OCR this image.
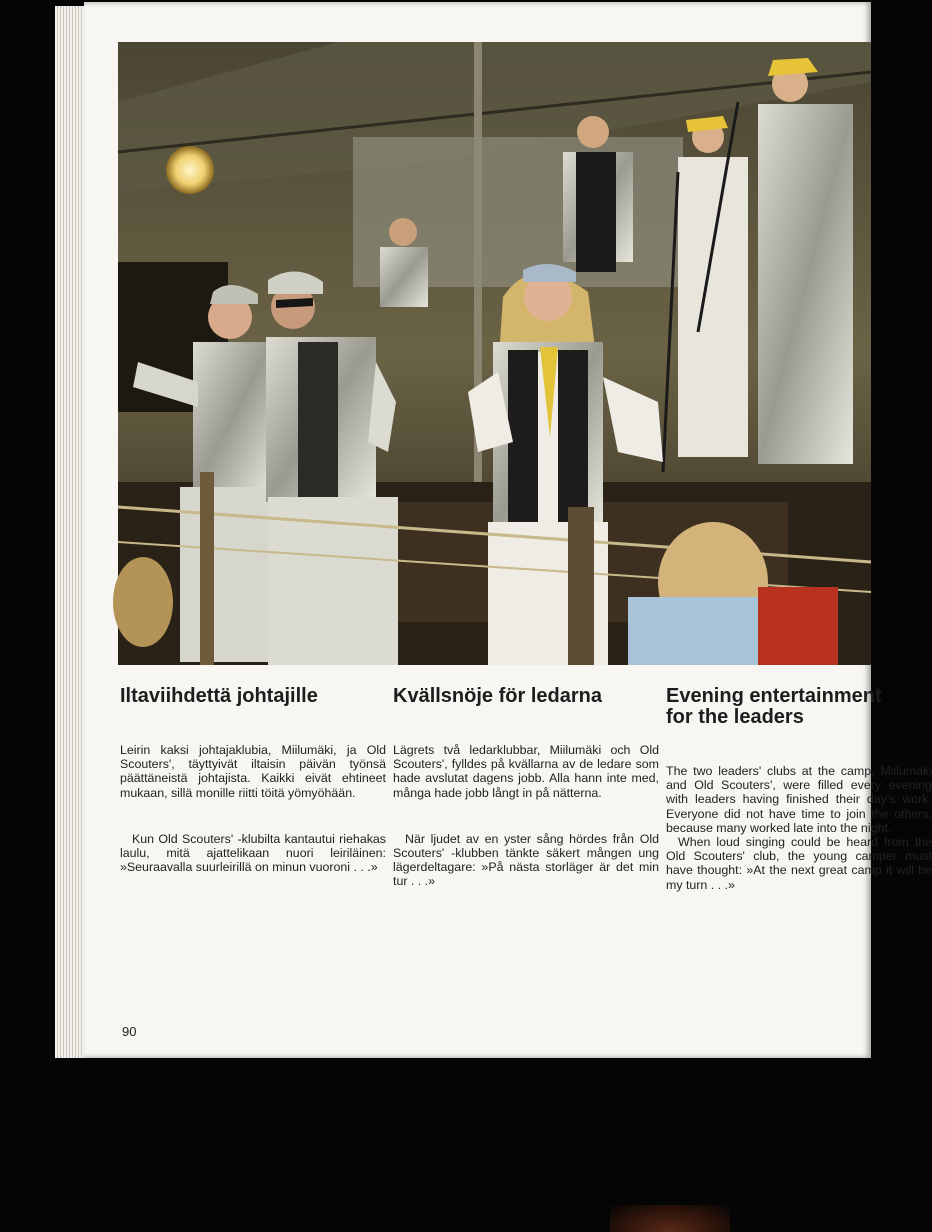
Iltaviihdettä johtajille

Leirin kaksi johtajaklubia, Miilumäki, ja Old Scouters', täyttyivät iltaisin päivän työnsä päättäneistä johtajista. Kaikki eivät ehtineet mukaan, sillä monille riitti töitä yömyöhään.

Kun Old Scouters' -klubilta kantautui riehakas laulu, mitä ajattelikaan nuori leiriläinen: »Seuraavalla suurleirillä on minun vuoroni . . .»

Kvällsnöje för ledarna

Lägrets två ledarklubbar, Miilumäki och Old Scouters', fylldes på kvällarna av de ledare som hade avslutat dagens jobb. Alla hann inte med, många hade jobb långt in på nätterna.

När ljudet av en yster sång hördes från Old Scouters' -klubben tänkte säkert mången ung lägerdeltagare: »På nästa storläger är det min tur . . .»

Evening entertainment for the leaders

The two leaders' clubs at the camp, Miilumäki and Old Scouters', were filled every evening with leaders having finished their day's work. Everyone did not have time to join the others, because many worked late into the night.

When loud singing could be heard from the Old Scouters' club, the young camper must have thought: »At the next great camp it will be my turn . . .»

90
